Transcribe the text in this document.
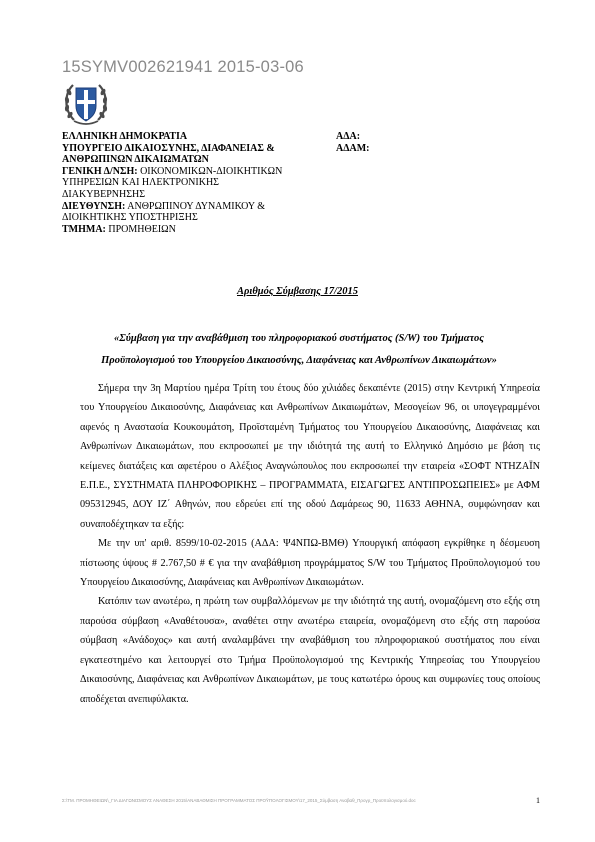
15SYMV002621941 2015-03-06
ΕΛΛΗΝΙΚΗ ΔΗΜΟΚΡΑΤΙΑ
ΥΠΟΥΡΓΕΙΟ ΔΙΚΑΙΟΣΥΝΗΣ, ΔΙΑΦΑΝΕΙΑΣ &
ΑΝΘΡΩΠΙΝΩΝ ΔΙΚΑΙΩΜΑΤΩΝ
ΓΕΝΙΚΗ Δ/ΝΣΗ: ΟΙΚΟΝΟΜΙΚΩΝ-ΔΙΟΙΚΗΤΙΚΩΝ
ΥΠΗΡΕΣΙΩΝ ΚΑΙ ΗΛΕΚΤΡΟΝΙΚΗΣ
ΔΙΑΚΥΒΕΡΝΗΣΗΣ
ΔΙΕΥΘΥΝΣΗ: ΑΝΘΡΩΠΙΝΟΥ ΔΥΝΑΜΙΚΟΥ &
ΔΙΟΙΚΗΤΙΚΗΣ ΥΠΟΣΤΗΡΙΞΗΣ
ΤΜΗΜΑ: ΠΡΟΜΗΘΕΙΩΝ
ΑΔΑ:
ΑΔΑΜ:
Αριθμός Σύμβασης 17/2015
«Σύμβαση για την αναβάθμιση του πληροφοριακού συστήματος (S/W) του Τμήματος
Προϋπολογισμού του Υπουργείου Δικαιοσύνης, Διαφάνειας και Ανθρωπίνων Δικαιωμάτων»

Σήμερα την 3η Μαρτίου ημέρα Τρίτη του έτους δύο χιλιάδες δεκαπέντε (2015) στην Κεντρική Υπηρεσία του Υπουργείου Δικαιοσύνης, Διαφάνειας και Ανθρωπίνων Δικαιωμάτων, Μεσογείων 96, οι υπογεγραμμένοι αφενός η Αναστασία Κουκουμάτση, Προϊσταμένη Τμήματος του Υπουργείου Δικαιοσύνης, Διαφάνειας και Ανθρωπίνων Δικαιωμάτων, που εκπροσωπεί με την ιδιότητά της αυτή το Ελληνικό Δημόσιο με βάση τις κείμενες διατάξεις και αφετέρου ο Αλέξιος Αναγνώπουλος που εκπροσωπεί την εταιρεία «ΣΟΦΤ ΝΤΗΖΑΪΝ Ε.Π.Ε., ΣΥΣΤΗΜΑΤΑ ΠΛΗΡΟΦΟΡΙΚΗΣ – ΠΡΟΓΡΑΜΜΑΤΑ, ΕΙΣΑΓΩΓΕΣ ΑΝΤΙΠΡΟΣΩΠΕΙΕΣ» με ΑΦΜ 095312945, ΔΟΥ ΙΖ΄ Αθηνών, που εδρεύει επί της οδού Δαμάρεως 90, 11633 ΑΘΗΝΑ, συμφώνησαν και συναποδέχτηκαν τα εξής:

Με την υπ' αριθ. 8599/10-02-2015 (ΑΔΑ: Ψ4ΝΠΩ-ΒΜΘ) Υπουργική απόφαση εγκρίθηκε η δέσμευση πίστωσης ύψους # 2.767,50 # € για την αναβάθμιση προγράμματος S/W του Τμήματος Προϋπολογισμού του Υπουργείου Δικαιοσύνης, Διαφάνειας και Ανθρωπίνων Δικαιωμάτων.

Κατόπιν των ανωτέρω, η πρώτη των συμβαλλόμενων με την ιδιότητά της αυτή, ονομαζόμενη στο εξής στη παρούσα σύμβαση «Αναθέτουσα», αναθέτει στην ανωτέρω εταιρεία, ονομαζόμενη στο εξής στη παρούσα σύμβαση «Ανάδοχος» και αυτή αναλαμβάνει την αναβάθμιση του πληροφοριακού συστήματος που είναι εγκατεστημένο και λειτουργεί στο Τμήμα Προϋπολογισμού της Κεντρικής Υπηρεσίας του Υπουργείου Δικαιοσύνης, Διαφάνειας και Ανθρωπίνων Δικαιωμάτων, με τους κατωτέρω όρους και συμφωνίες τους οποίους αποδέχεται ανεπιφύλακτα.

Σ:\ΤΜ. ΠΡΟΜΗΘΕΙΩΝ\_ΓΙΑ ΔΙΑΓΩΝΙΣΜΟΥΣ ΑΝΑΘΕΣΗ 2015\ΑΝΑΒΑΘΜΙΣΗ ΠΡΟΓΡΑΜΜΑΤΟΣ ΠΡΟΫΠΟΛΟΓΙΣΜΟΥ\17_2015_Σύμβαση Αναβαθ_Προγρ_Προϋπολογισμού.doc	1
